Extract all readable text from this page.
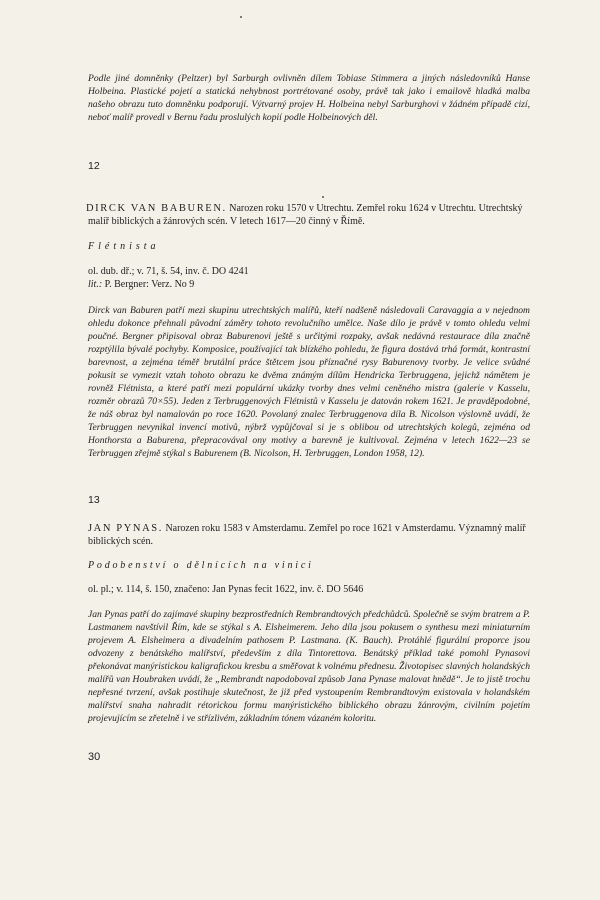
Podle jiné domněnky (Peltzer) byl Sarburgh ovlivněn dílem Tobiase Stimmera a jiných následovníků Hanse Holbeina. Plastické pojetí a statická nehybnost portrétované osoby, právě tak jako i emailově hladká malba našeho obrazu tuto domněnku podporují. Výtvarný projev H. Holbeina nebyl Sarburghovi v žádném případě cizí, neboť malíř provedl v Bernu řadu proslulých kopií podle Holbeinových děl.

12

DIRCK VAN BABUREN. Narozen roku 1570 v Utrechtu. Zemřel roku 1624 v Utrechtu. Utrechtský malíř biblických a žánrových scén. V letech 1617—20 činný v Římě.

Flétnista

ol. dub. dř.; v. 71, š. 54, inv. č. DO 4241

lit.: P. Bergner: Verz. No 9

Dirck van Baburen patří mezi skupinu utrechtských malířů, kteří nadšeně následovali Caravaggia a v nejednom ohledu dokonce přehnali původní záměry tohoto revolučního umělce. Naše dílo je právě v tomto ohledu velmi poučné. Bergner připisoval obraz Baburenovi ještě s určitými rozpaky, avšak nedávná restaurace díla značně rozptýlila bývalé pochyby. Komposice, používající tak blízkého pohledu, že figura dostává trhá formát, kontrastní barevnost, a zejména téměř brutální práce štětcem jsou příznačné rysy Baburenovy tvorby. Je velice svůdné pokusit se vymezit vztah tohoto obrazu ke dvěma známým dílům Hendricka Terbruggena, jejichž námětem je rovněž Flétnista, a které patří mezi populární ukázky tvorby dnes velmi ceněného mistra (galerie v Kasselu, rozměr obrazů 70×55). Jeden z Terbruggenových Flétnistů v Kasselu je datován rokem 1621. Je pravděpodobné, že náš obraz byl namalován po roce 1620. Povolaný znalec Terbruggenova díla B. Nicolson výslovně uvádí, že Terbruggen nevynikal invencí motivů, nýbrž vypůjčoval si je s oblibou od utrechtských kolegů, zejména od Honthorsta a Baburena, přepracovával ony motivy a barevně je kultivoval. Zejména v letech 1622—23 se Terbruggen zřejmě stýkal s Baburenem (B. Nicolson, H. Terbruggen, London 1958, 12).

13

JAN PYNAS. Narozen roku 1583 v Amsterdamu. Zemřel po roce 1621 v Amsterdamu. Významný malíř biblických scén.

Podobenství o dělnících na vinici

ol. pl.; v. 114, š. 150, značeno: Jan Pynas fecit 1622, inv. č. DO 5646

Jan Pynas patří do zajímavé skupiny bezprostředních Rembrandtových předchůdců. Společně se svým bratrem a P. Lastmanem navštívil Řím, kde se stýkal s A. Elsheimerem. Jeho díla jsou pokusem o synthesu mezi miniaturním projevem A. Elsheimera a divadelním pathosem P. Lastmana. (K. Bauch). Protáhlé figurální proporce jsou odvozeny z benátského malířství, především z díla Tintorettova. Benátský příklad také pomohl Pynasovi překonávat manýristickou kaligrafickou kresbu a směřovat k volnému přednesu. Životopisec slavných holandských malířů van Houbraken uvádí, že „Rembrandt napodoboval způsob Jana Pynase malovat hnědě“. Je to jistě trochu nepřesné tvrzení, avšak postihuje skutečnost, že již před vystoupením Rembrandtovým existovala v holandském malířství snaha nahradit rétorickou formu manýristického biblického obrazu žánrovým, civilním pojetím projevujícím se zřetelně i ve střízlivém, základním tónem vázaném koloritu.

30
